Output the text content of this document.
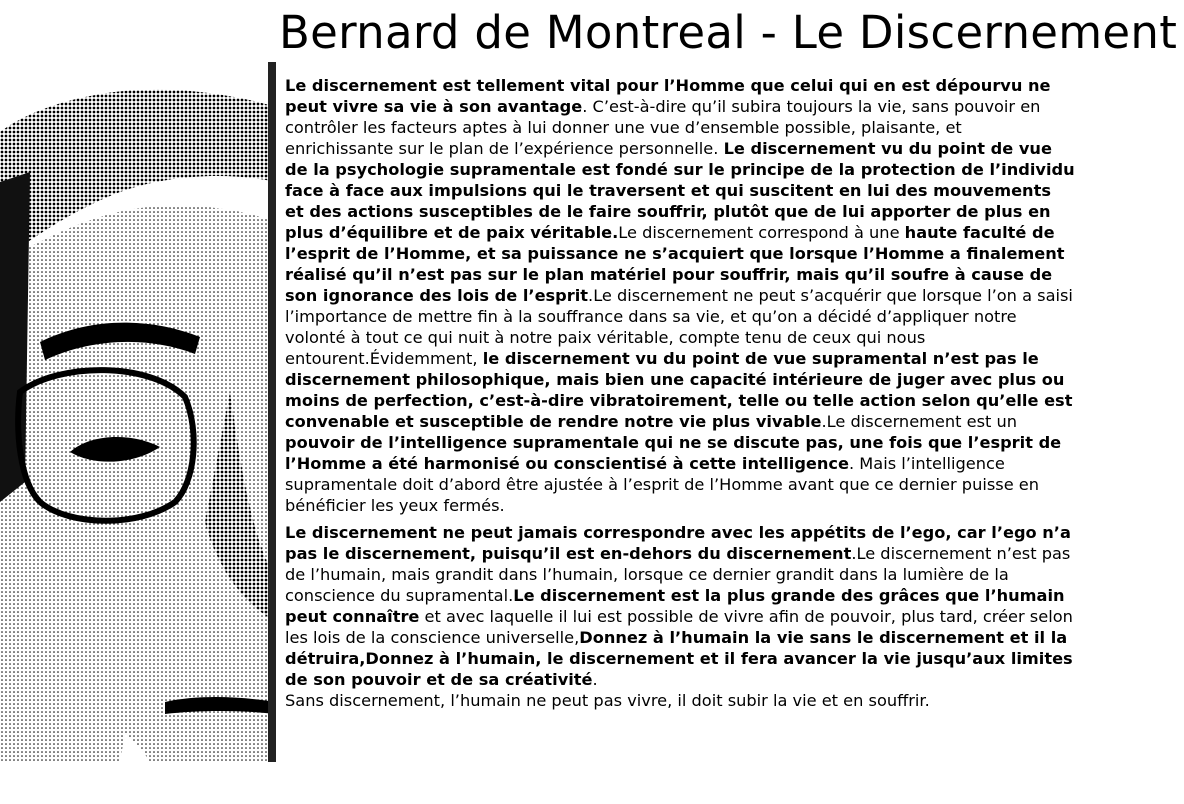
Bernard de Montreal - Le Discernement

Le discernement est tellement vital pour l’Homme que celui qui en est dépourvu ne peut vivre sa vie à son avantage. C’est-à-dire qu’il subira toujours la vie, sans pouvoir en contrôler les facteurs aptes à lui donner une vue d’ensemble possible, plaisante, et enrichissante sur le plan de l’expérience personnelle. Le discernement vu du point de vue de la psychologie supramentale est fondé sur le principe de la protection de l’individu face à face aux impulsions qui le traversent et qui suscitent en lui des mouvements et des actions susceptibles de le faire souffrir, plutôt que de lui apporter de plus en plus d’équilibre et de paix véritable.Le discernement correspond à une haute faculté de l’esprit de l’Homme, et sa puissance ne s’acquiert que lorsque l’Homme a finalement réalisé qu’il n’est pas sur le plan matériel pour souffrir, mais qu’il soufre à cause de son ignorance des lois de l’esprit.Le discernement ne peut s’acquérir que lorsque l’on a saisi l’importance de mettre fin à la souffrance dans sa vie, et qu’on a décidé d’appliquer notre volonté à tout ce qui nuit à notre paix véritable, compte tenu de ceux qui nous entourent.Évidemment, le discernement vu du point de vue supramental n’est pas le discernement philosophique, mais bien une capacité intérieure de juger avec plus ou moins de perfection, c’est-à-dire vibratoirement, telle ou telle action selon qu’elle est convenable et susceptible de rendre notre vie plus vivable.Le discernement est un pouvoir de l’intelligence supramentale qui ne se discute pas, une fois que l’esprit de l’Homme a été harmonisé ou conscientisé à cette intelligence. Mais l’intelligence supramentale doit d’abord être ajustée à l’esprit de l’Homme avant que ce dernier puisse en bénéficier les yeux fermés.

Le discernement ne peut jamais correspondre avec les appétits de l’ego, car l’ego n’a pas le discernement, puisqu’il est en-dehors du discernement.Le discernement n’est pas de l’humain, mais grandit dans l’humain, lorsque ce dernier grandit dans la lumière de la conscience du supramental.Le discernement est la plus grande des grâces que l’humain peut connaître et avec laquelle il lui est possible de vivre afin de pouvoir, plus tard, créer selon les lois de la conscience universelle,Donnez à l’humain la vie sans le discernement et il la détruira,Donnez à l’humain, le discernement et il fera avancer la vie jusqu’aux limites de son pouvoir et de sa créativité.
Sans discernement, l’humain ne peut pas vivre, il doit subir la vie et en souffrir.
